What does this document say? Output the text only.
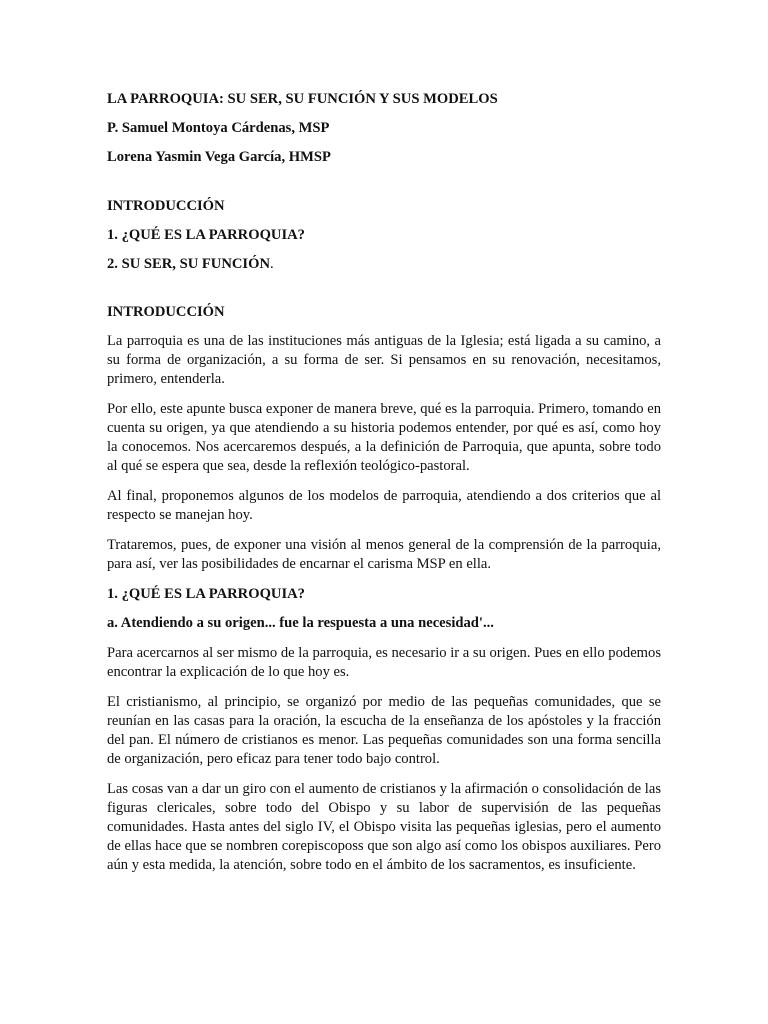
LA PARROQUIA: SU SER, SU FUNCIÓN Y SUS MODELOS

P. Samuel Montoya Cárdenas, MSP

Lorena Yasmin Vega García, HMSP

INTRODUCCIÓN

1. ¿QUÉ ES LA PARROQUIA?

2. SU SER, SU FUNCIÓN.

INTRODUCCIÓN

La parroquia es una de las instituciones más antiguas de la Iglesia; está ligada a su camino, a su forma de organización, a su forma de ser. Si pensamos en su renovación, necesitamos, primero, entenderla.

Por ello, este apunte busca exponer de manera breve, qué es la parroquia. Primero, tomando en cuenta su origen, ya que atendiendo a su historia podemos entender, por qué es así, como hoy la conocemos. Nos acercaremos después, a la definición de Parroquia, que apunta, sobre todo al qué se espera que sea, desde la reflexión teológico-pastoral.

Al final, proponemos algunos de los modelos de parroquia, atendiendo a dos criterios que al respecto se manejan hoy.

Trataremos, pues, de exponer una visión al menos general de la comprensión de la parroquia, para así, ver las posibilidades de encarnar el carisma MSP en ella.

1. ¿QUÉ ES LA PARROQUIA?

a. Atendiendo a su origen... fue la respuesta a una necesidad'...

Para acercarnos al ser mismo de la parroquia, es necesario ir a su origen. Pues en ello podemos encontrar la explicación de lo que hoy es.

El cristianismo, al principio, se organizó por medio de las pequeñas comunidades, que se reunían en las casas para la oración, la escucha de la enseñanza de los apóstoles y la fracción del pan. El número de cristianos es menor. Las pequeñas comunidades son una forma sencilla de organización, pero eficaz para tener todo bajo control.

Las cosas van a dar un giro con el aumento de cristianos y la afirmación o consolidación de las figuras clericales, sobre todo del Obispo y su labor de supervisión de las pequeñas comunidades. Hasta antes del siglo IV, el Obispo visita las pequeñas iglesias, pero el aumento de ellas hace que se nombren corepiscoposs que son algo así como los obispos auxiliares. Pero aún y esta medida, la atención, sobre todo en el ámbito de los sacramentos, es insuficiente.
